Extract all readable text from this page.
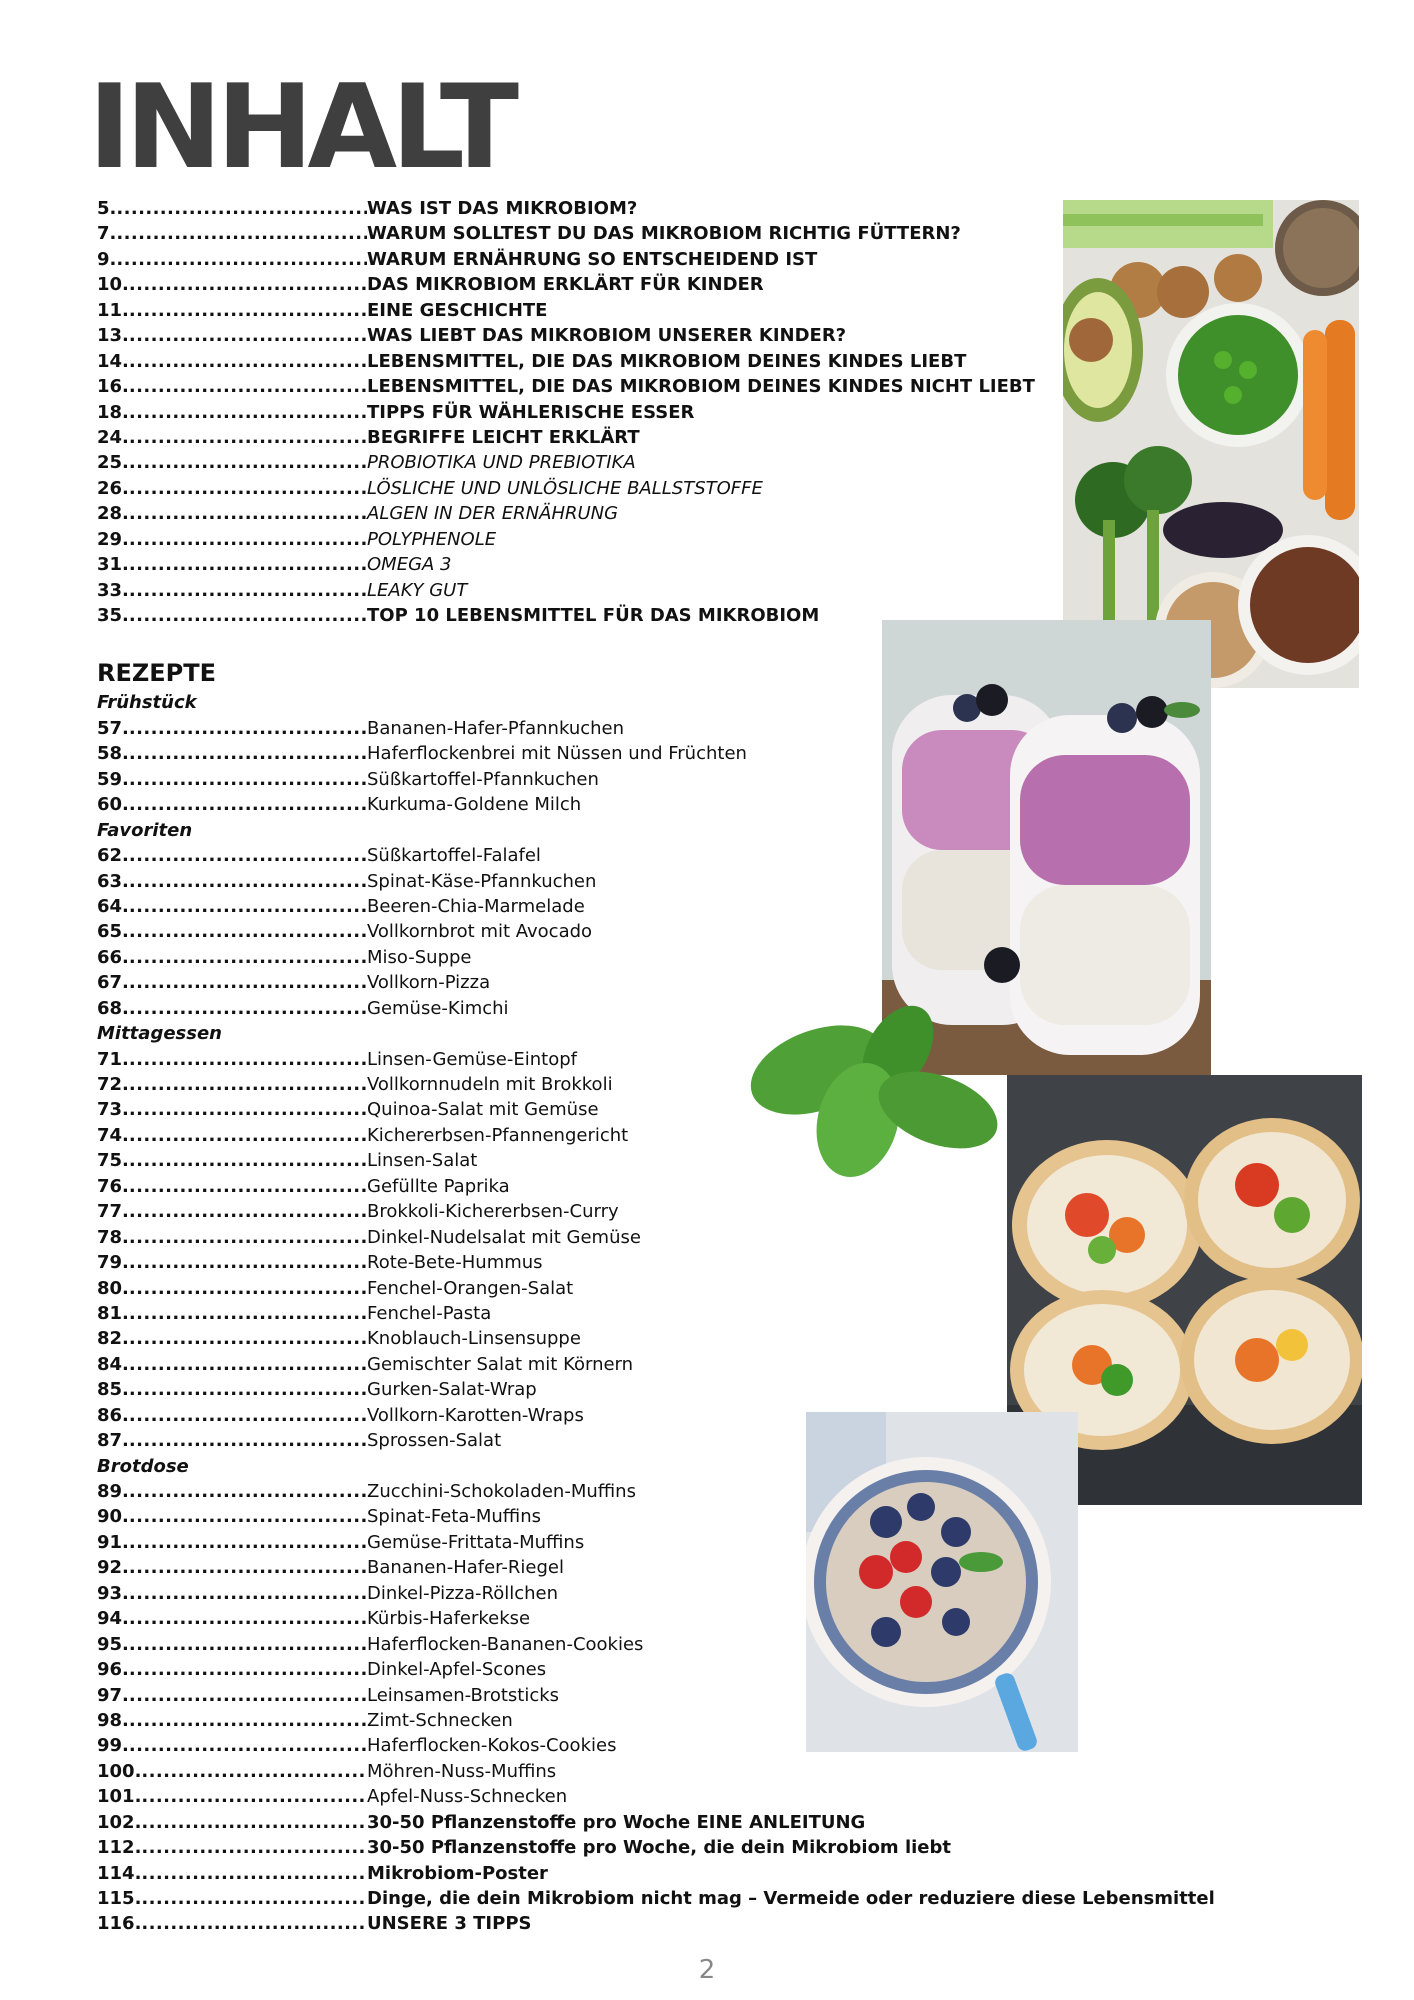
INHALT
5. .....	WAS IST DAS MIKROBIOM?
7. .....	WARUM SOLLTEST DU DAS MIKROBIOM RICHTIG FÜTTERN?
9. .....	WARUM ERNÄHRUNG SO ENTSCHEIDEND IST
10. .....	DAS MIKROBIOM ERKLÄRT FÜR KINDER
11. .....	EINE GESCHICHTE
13. .....	WAS LIEBT DAS MIKROBIOM UNSERER KINDER?
14. .....	LEBENSMITTEL, DIE DAS MIKROBIOM DEINES KINDES LIEBT
16. .....	LEBENSMITTEL, DIE DAS MIKROBIOM DEINES KINDES NICHT LIEBT
18. .....	TIPPS FÜR WÄHLERISCHE ESSER
24. .....	BEGRIFFE LEICHT ERKLÄRT
25. .....	PROBIOTIKA UND PREBIOTIKA
26. .....	LÖSLICHE UND UNLÖSLICHE BALLSTSTOFFE
28. .....	ALGEN IN DER ERNÄHRUNG
29. .....	POLYPHENOLE
31. .....	OMEGA 3
33. .....	LEAKY GUT
35. .....	TOP 10 LEBENSMITTEL FÜR DAS MIKROBIOM
REZEPTE
Frühstück
57. .....	Bananen-Hafer-Pfannkuchen
58. .....	Haferflockenbrei mit Nüssen und Früchten
59. .....	Süßkartoffel-Pfannkuchen
60. .....	Kurkuma-Goldene Milch
Favoriten
62. .....	Süßkartoffel-Falafel
63. .....	Spinat-Käse-Pfannkuchen
64. .....	Beeren-Chia-Marmelade
65. .....	Vollkornbrot mit Avocado
66. .....	Miso-Suppe
67. .....	Vollkorn-Pizza
68. .....	Gemüse-Kimchi
Mittagessen
71. .....	Linsen-Gemüse-Eintopf
72. .....	Vollkornnudeln mit Brokkoli
73. .....	Quinoa-Salat mit Gemüse
74. .....	Kichererbsen-Pfannengericht
75. .....	Linsen-Salat
76. .....	Gefüllte Paprika
77. .....	Brokkoli-Kichererbsen-Curry
78. .....	Dinkel-Nudelsalat mit Gemüse
79. .....	Rote-Bete-Hummus
80. .....	Fenchel-Orangen-Salat
81. .....	Fenchel-Pasta
82. .....	Knoblauch-Linsensuppe
84. .....	Gemischter Salat mit Körnern
85. .....	Gurken-Salat-Wrap
86. .....	Vollkorn-Karotten-Wraps
87. .....	Sprossen-Salat
Brotdose
89. .....	Zucchini-Schokoladen-Muffins
90. .....	Spinat-Feta-Muffins
91. .....	Gemüse-Frittata-Muffins
92. .....	Bananen-Hafer-Riegel
93. .....	Dinkel-Pizza-Röllchen
94. .....	Kürbis-Haferkekse
95. .....	Haferflocken-Bananen-Cookies
96. .....	Dinkel-Apfel-Scones
97. .....	Leinsamen-Brotsticks
98. .....	Zimt-Schnecken
99. .....	Haferflocken-Kokos-Cookies
100. .....	Möhren-Nuss-Muffins
101. .....	Apfel-Nuss-Schnecken
102. .....	30-50 Pflanzenstoffe pro Woche EINE ANLEITUNG
112. .....	30-50 Pflanzenstoffe pro Woche, die dein Mikrobiom liebt
114. .....	Mikrobiom-Poster
115. .....	Dinge, die dein Mikrobiom nicht mag – Vermeide oder reduziere diese Lebensmittel
116. .....	UNSERE 3 TIPPS
2
